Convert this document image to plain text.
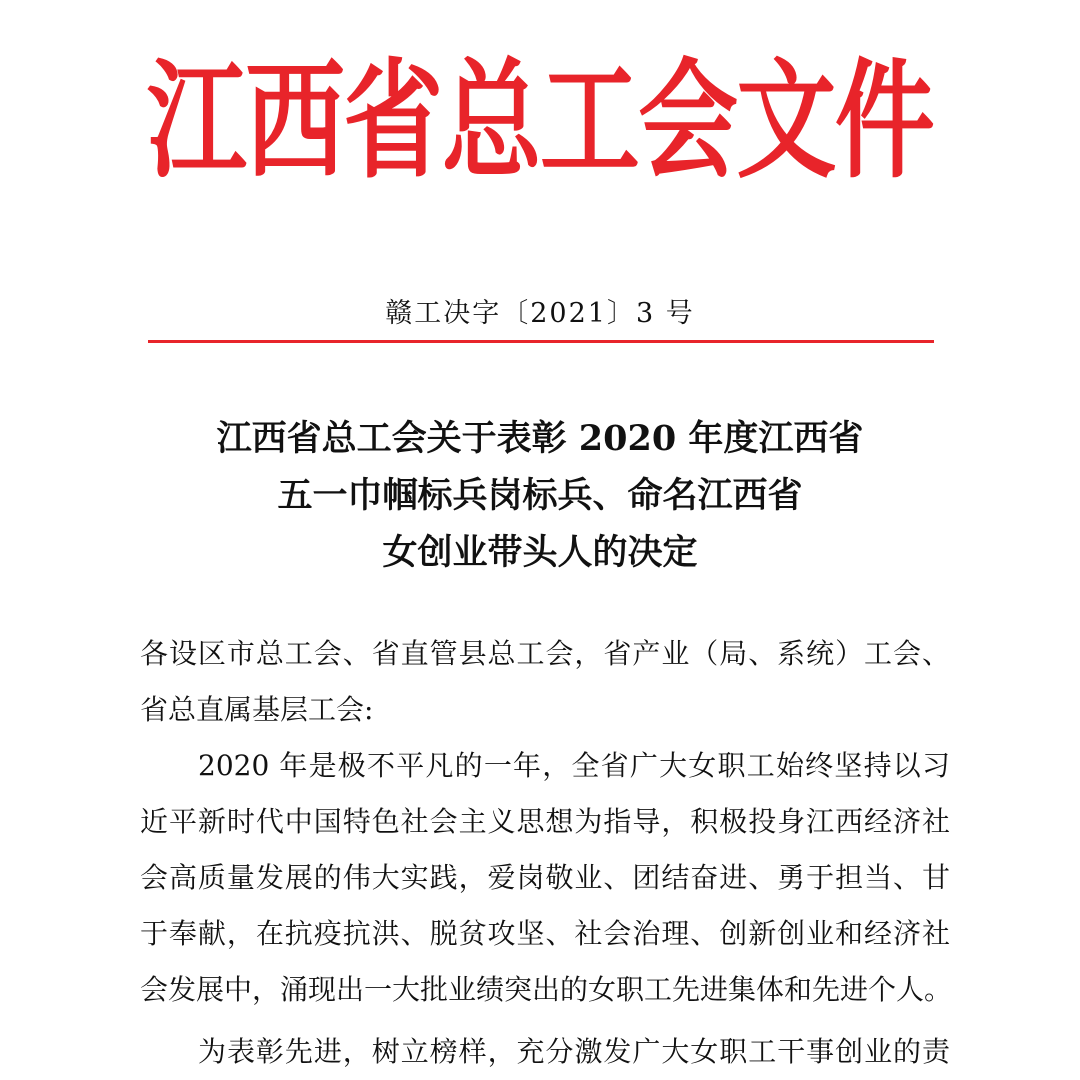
江西省总工会文件
赣工决字〔2021〕3 号
江西省总工会关于表彰 2020 年度江西省
五一巾帼标兵岗标兵、命名江西省
女创业带头人的决定
各设区市总工会、省直管县总工会，省产业（局、系统）工会、
省总直属基层工会:
2020 年是极不平凡的一年，全省广大女职工始终坚持以习
近平新时代中国特色社会主义思想为指导，积极投身江西经济社
会高质量发展的伟大实践，爱岗敬业、团结奋进、勇于担当、甘
于奉献，在抗疫抗洪、脱贫攻坚、社会治理、创新创业和经济社
会发展中，涌现出一大批业绩突出的女职工先进集体和先进个人。
为表彰先进，树立榜样，充分激发广大女职工干事创业的责
